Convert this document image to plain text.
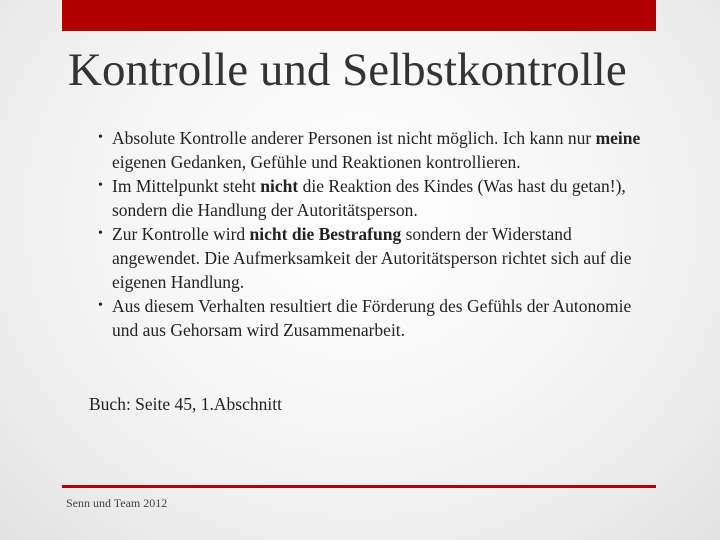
Kontrolle und Selbstkontrolle
• Absolute Kontrolle anderer Personen ist nicht möglich. Ich kann nur meine eigenen Gedanken, Gefühle und Reaktionen kontrollieren.
• Im Mittelpunkt steht nicht die Reaktion des Kindes (Was hast du getan!), sondern die Handlung der Autoritätsperson.
• Zur Kontrolle wird nicht die Bestrafung sondern der Widerstand angewendet. Die Aufmerksamkeit der Autoritätsperson richtet sich auf die eigenen Handlung.
• Aus diesem Verhalten resultiert die Förderung des Gefühls der Autonomie und aus Gehorsam wird Zusammenarbeit.
Buch: Seite 45, 1.Abschnitt
Senn und Team 2012
